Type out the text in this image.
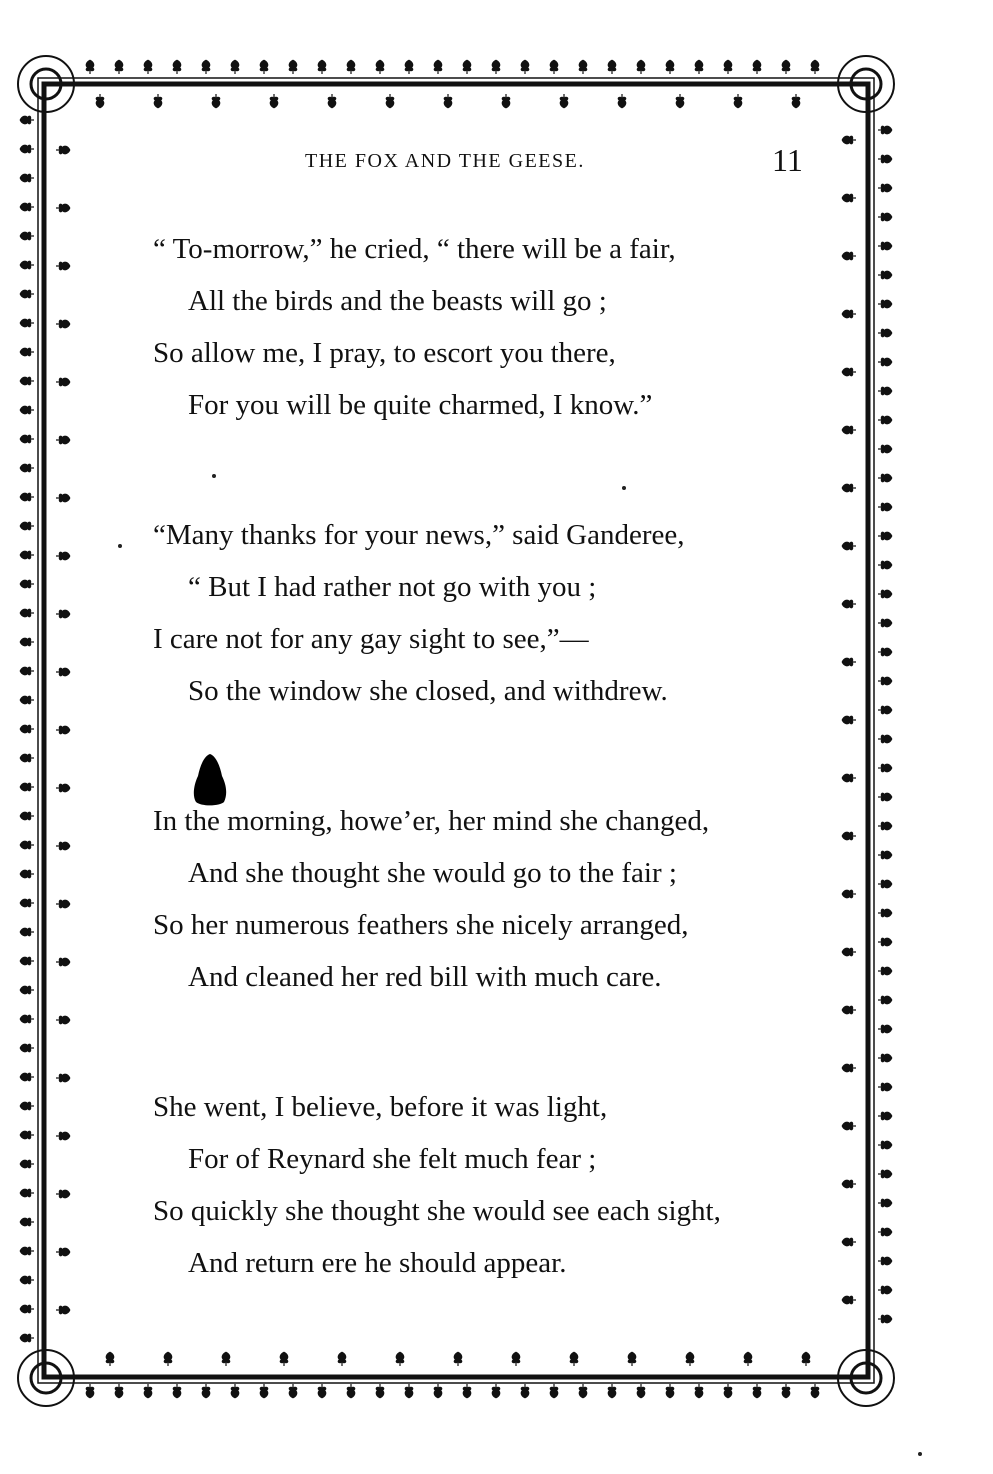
THE FOX AND THE GEESE.	11
“ To-morrow,” he cried, “ there will be a fair,
All the birds and the beasts will go ;
So allow me, I pray, to escort you there,
For you will be quite charmed, I know.”
“Many thanks for your news,” said Ganderee,
“ But I had rather not go with you ;
I care not for any gay sight to see,”—
So the window she closed, and withdrew.
In the morning, howe’er, her mind she changed,
And she thought she would go to the fair ;
So her numerous feathers she nicely arranged,
And cleaned her red bill with much care.
She went, I believe, before it was light,
For of Reynard she felt much fear ;
So quickly she thought she would see each sight,
And return ere he should appear.
